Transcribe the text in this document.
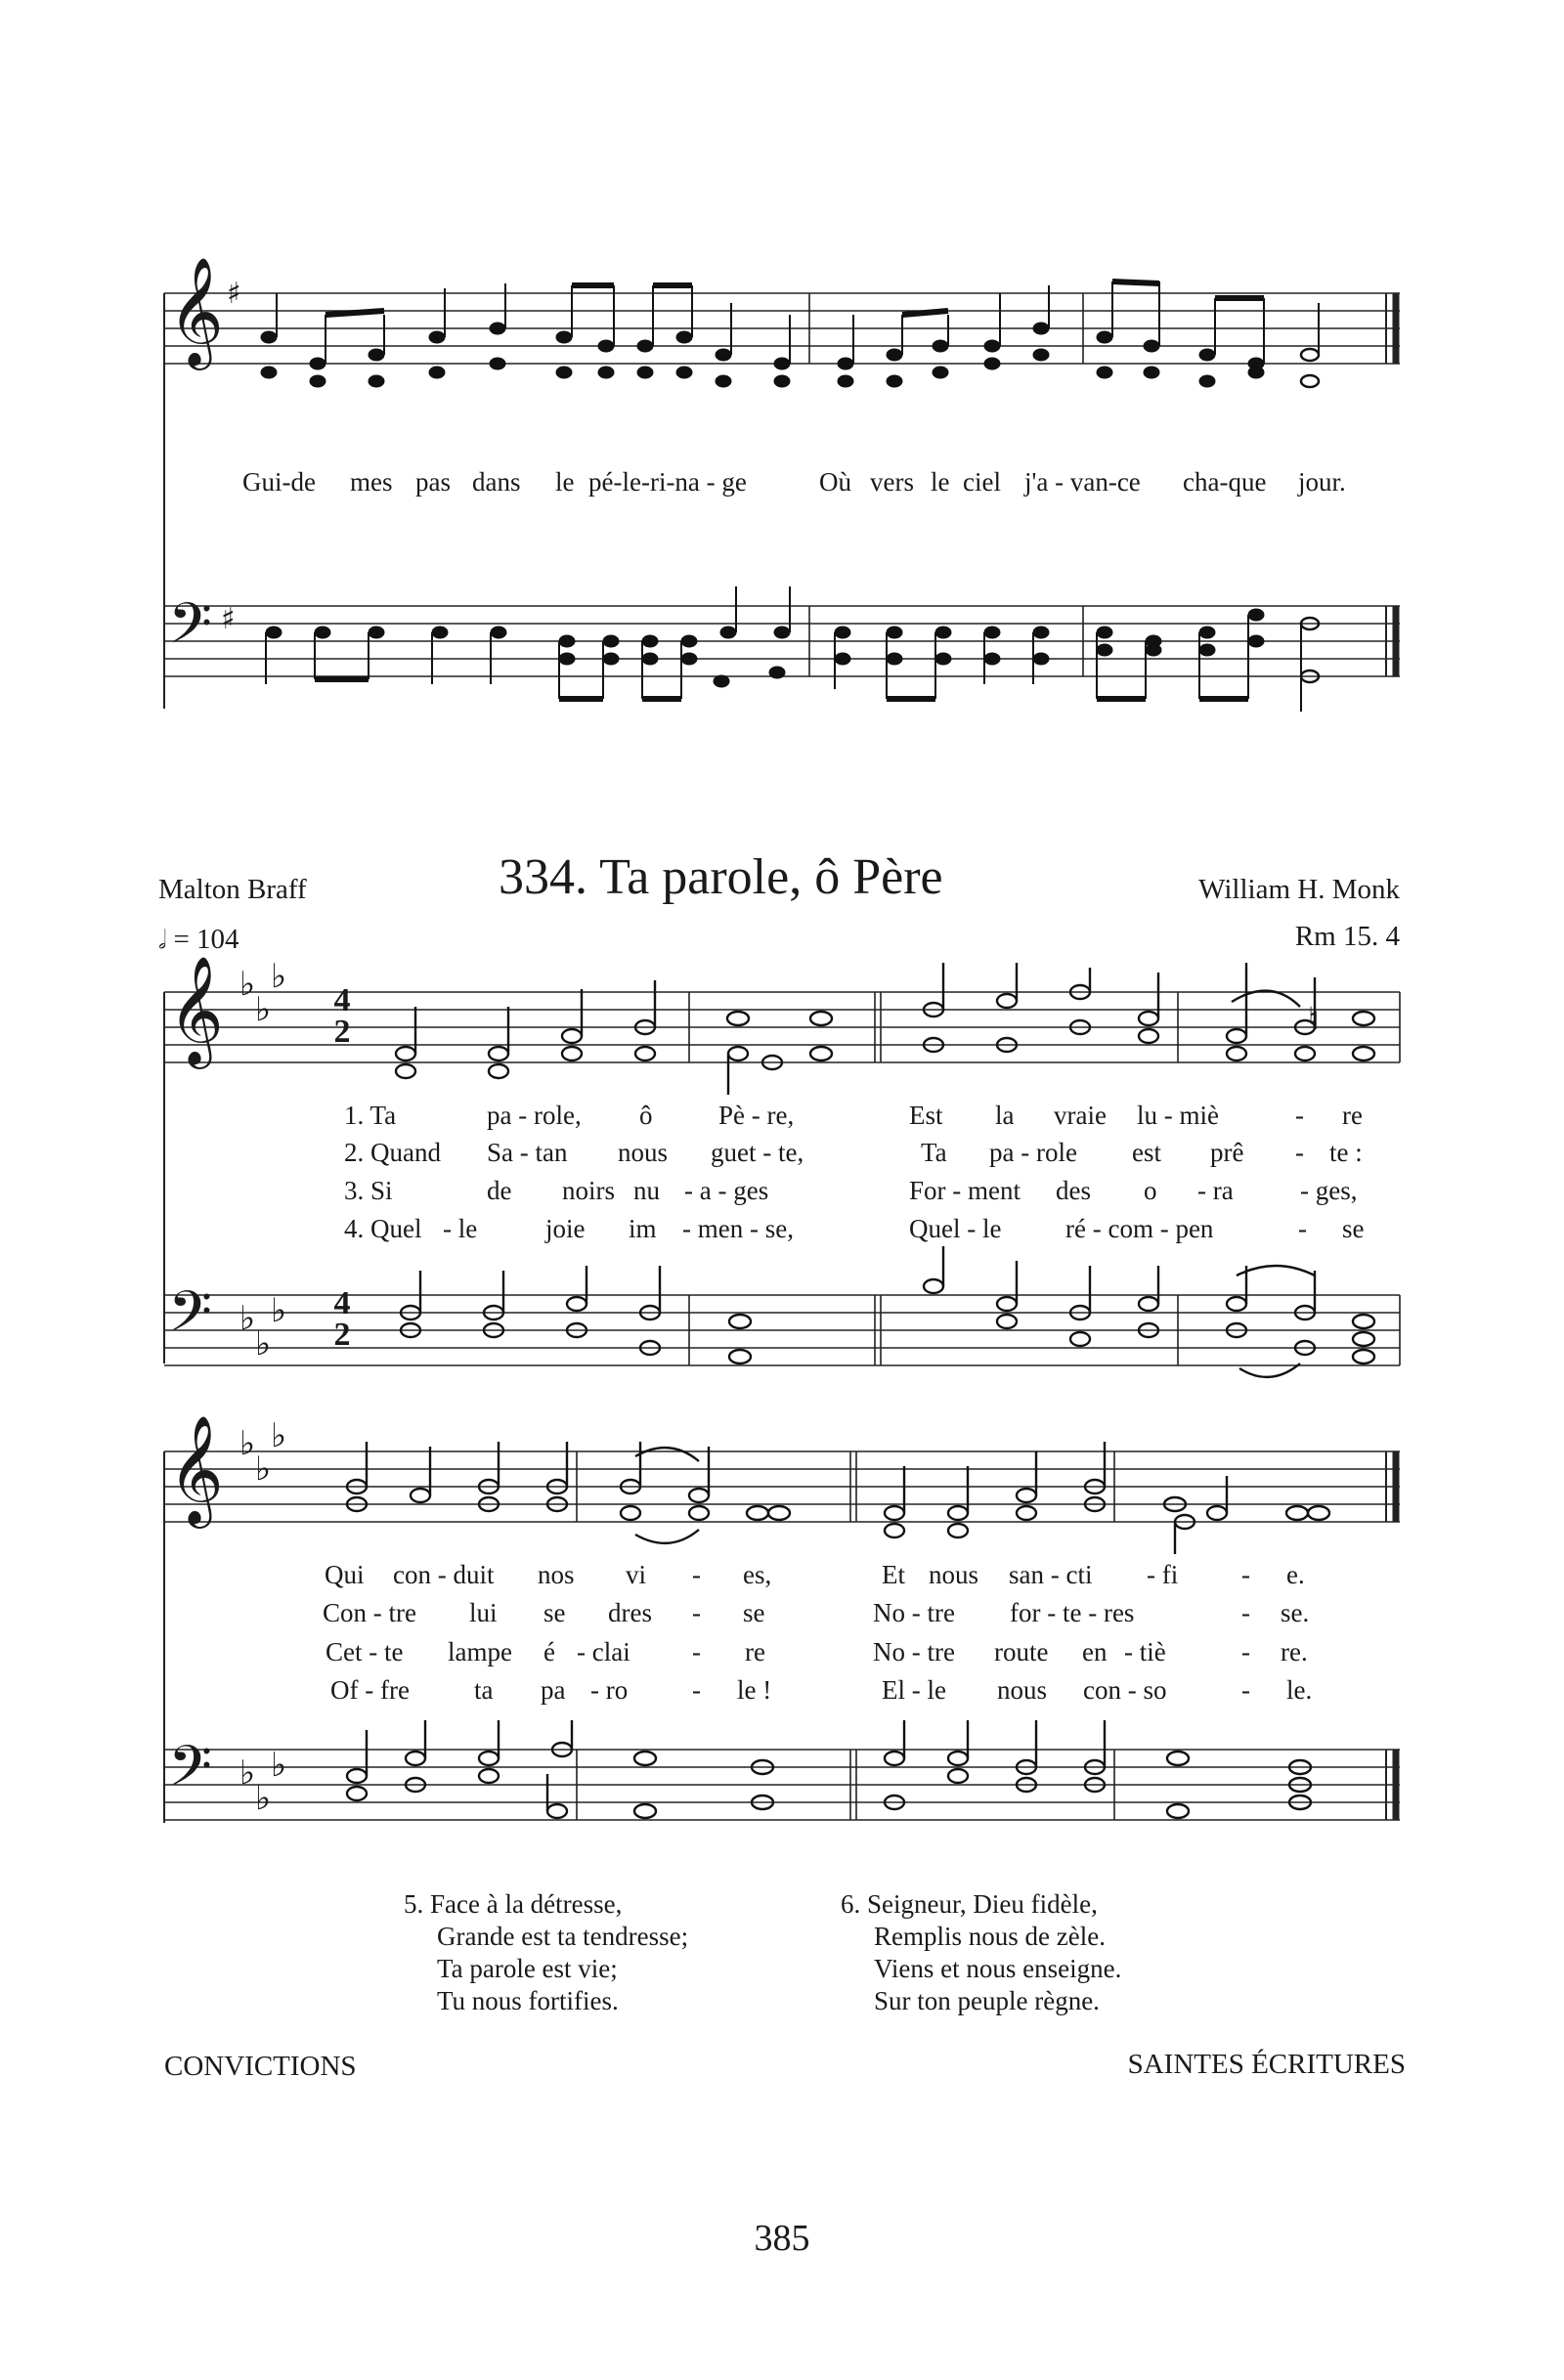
𝄞 ♯
𝄢 ♯
𝄞 ♭
♭
♭
4
2	♮
𝄢 ♭
♭
♭ 4
2
𝄞 ♭
♭
♭
𝄢 ♭
♭
♭
Gui-de mes pas dans le pé-le-ri-na - ge	Où vers le ciel j'a - van-ce cha-que jour.
Malton Braff	334. Ta parole, ô Père	William H. Monk
Rm 15. 4
𝅗𝅥 = 104
1. Ta	pa - role, ô	Pè - re,	Est la vraie lu - miè	- re
2. Quand Sa - tan nous guet - te,	Ta pa - role est prê - te :
3. Si	de noirs nu - a - ges	For - ment des o - ra	- ges,
4. Quel - le	joie im - men - se,	Quel - le ré - com - pen	- se
Qui con - duit nos vi - es,	Et nous san - cti - fi - e.
Con - tre lui se dres - se	No - tre for - te - res	- se.
Cet - te lampe é - clai - re	No - tre route en - tiè	- re.
Of - fre ta pa - ro - le !	El - le nous con - so	- le.
5. Face à la détresse,
Grande est ta tendresse;
Ta parole est vie;
Tu nous fortifies.
6. Seigneur, Dieu fidèle,
Remplis nous de zèle.
Viens et nous enseigne.
Sur ton peuple règne.
CONVICTIONS	SAINTES ÉCRITURES
385
